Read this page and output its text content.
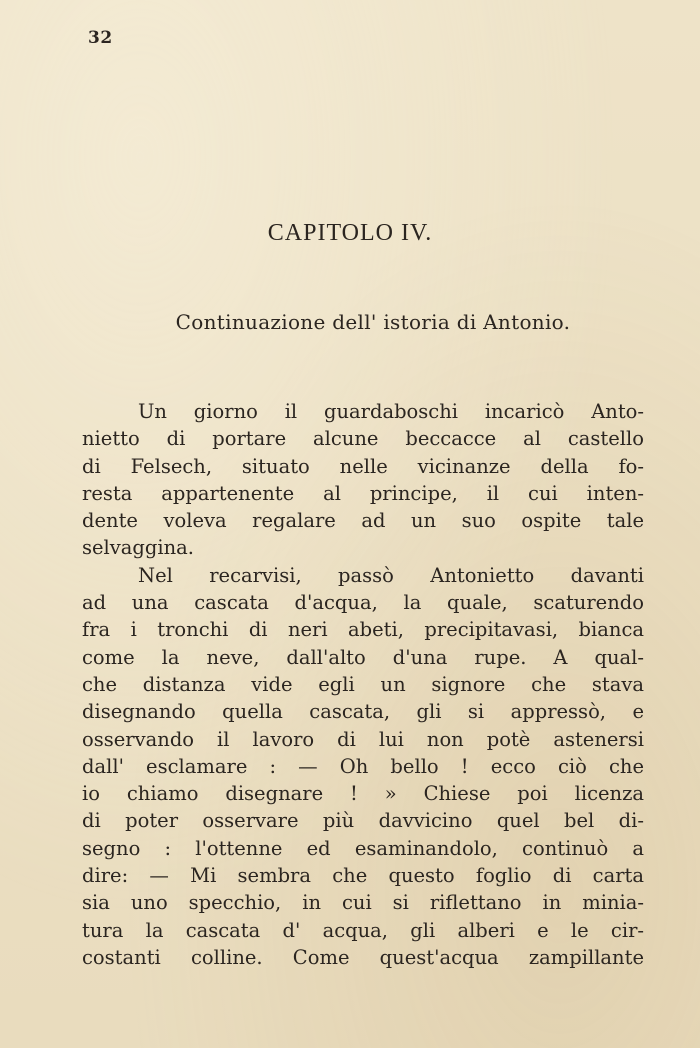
32
CAPITOLO IV.
Continuazione dell' istoria di Antonio.
Un giorno il guardaboschi incaricò Anto-
nietto di portare alcune beccacce al castello
di Felsech, situato nelle vicinanze della fo-
resta appartenente al principe, il cui inten-
dente voleva regalare ad un suo ospite tale
selvaggina.
Nel recarvisi, passò Antonietto davanti
ad una cascata d'acqua, la quale, scaturendo
fra i tronchi di neri abeti, precipitavasi, bianca
come la neve, dall'alto d'una rupe. A qual-
che distanza vide egli un signore che stava
disegnando quella cascata, gli si appressò, e
osservando il lavoro di lui non potè astenersi
dall' esclamare : — Oh bello ! ecco ciò che
io chiamo disegnare ! » Chiese poi licenza
di poter osservare più davvicino quel bel di-
segno : l'ottenne ed esaminandolo, continuò a
dire: — Mi sembra che questo foglio di carta
sia uno specchio, in cui si riflettano in minia-
tura la cascata d' acqua, gli alberi e le cir-
costanti colline. Come quest'acqua zampillante
